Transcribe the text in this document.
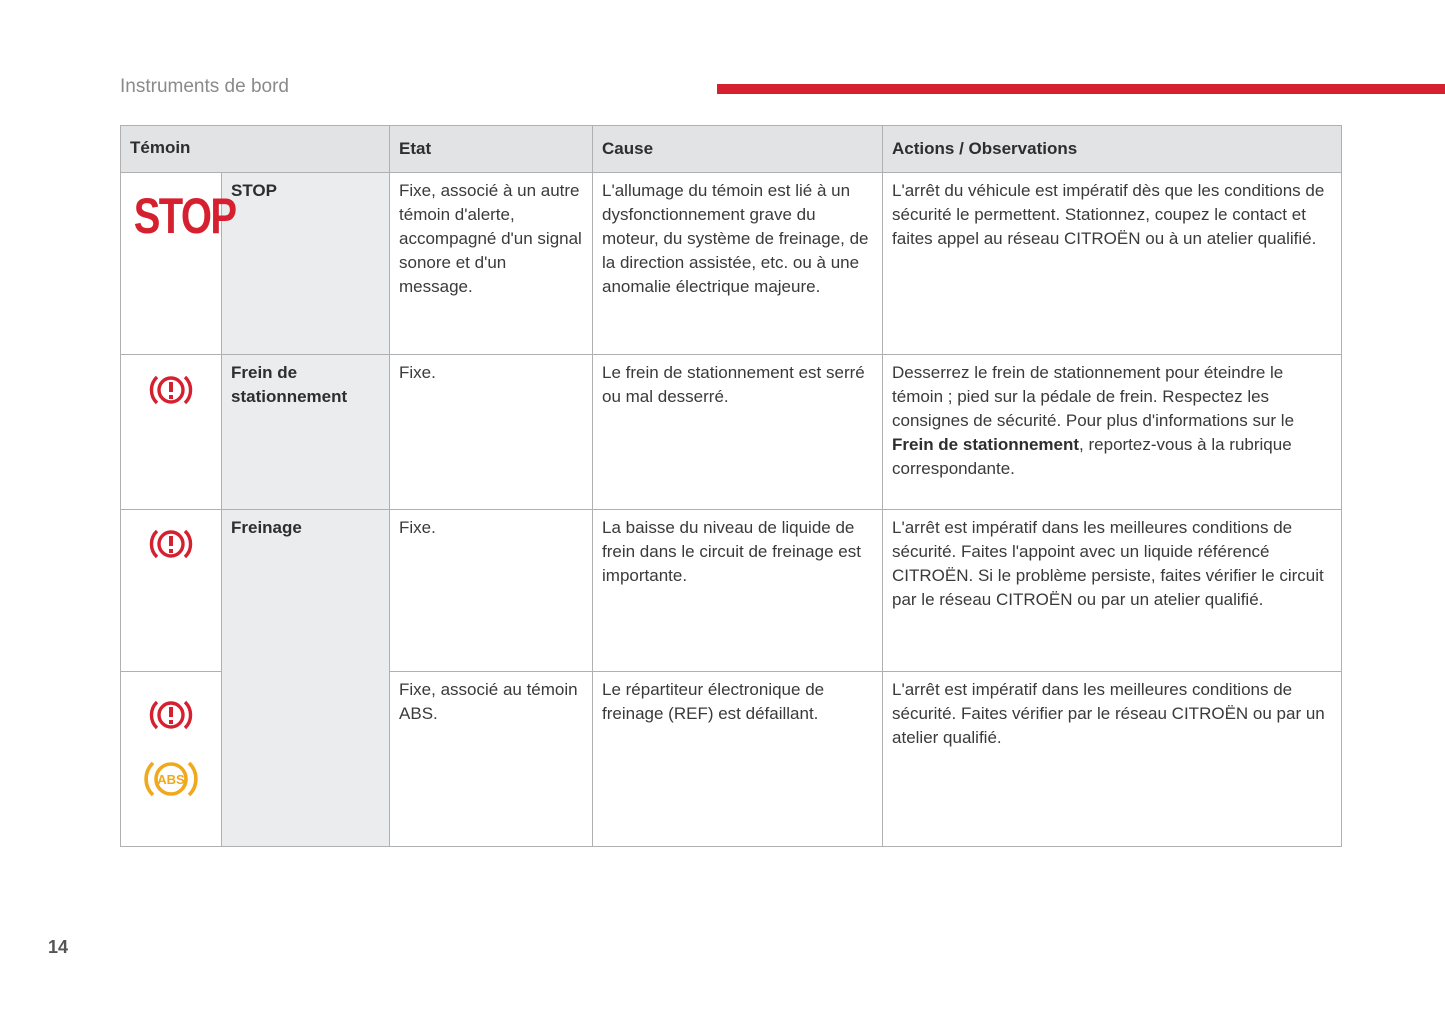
Instruments de bord
Témoin		Etat	Cause	Actions / Observations

STOP	STOP	Fixe, associé à un autre témoin d'alerte, accompagné d'un signal sonore et d'un message.	L'allumage du témoin est lié à un dysfonctionnement grave du moteur, du système de freinage, de la direction assistée, etc. ou à une anomalie électrique majeure.	L'arrêt du véhicule est impératif dès que les conditions de sécurité le permettent. Stationnez, coupez le contact et faites appel au réseau CITROËN ou à un atelier qualifié.

Frein de stationnement	Fixe.	Le frein de stationnement est serré ou mal desserré.	Desserrez le frein de stationnement pour éteindre le témoin ; pied sur la pédale de frein. Respectez les consignes de sécurité. Pour plus d'informations sur le Frein de stationnement, reportez-vous à la rubrique correspondante.

Freinage	Fixe.	La baisse du niveau de liquide de frein dans le circuit de freinage est importante.	L'arrêt est impératif dans les meilleures conditions de sécurité. Faites l'appoint avec un liquide référencé CITROËN. Si le problème persiste, faites vérifier le circuit par le réseau CITROËN ou par un atelier qualifié.

ABS		Fixe, associé au témoin ABS.	Le répartiteur électronique de freinage (REF) est défaillant.	L'arrêt est impératif dans les meilleures conditions de sécurité. Faites vérifier par le réseau CITROËN ou par un atelier qualifié.
14
